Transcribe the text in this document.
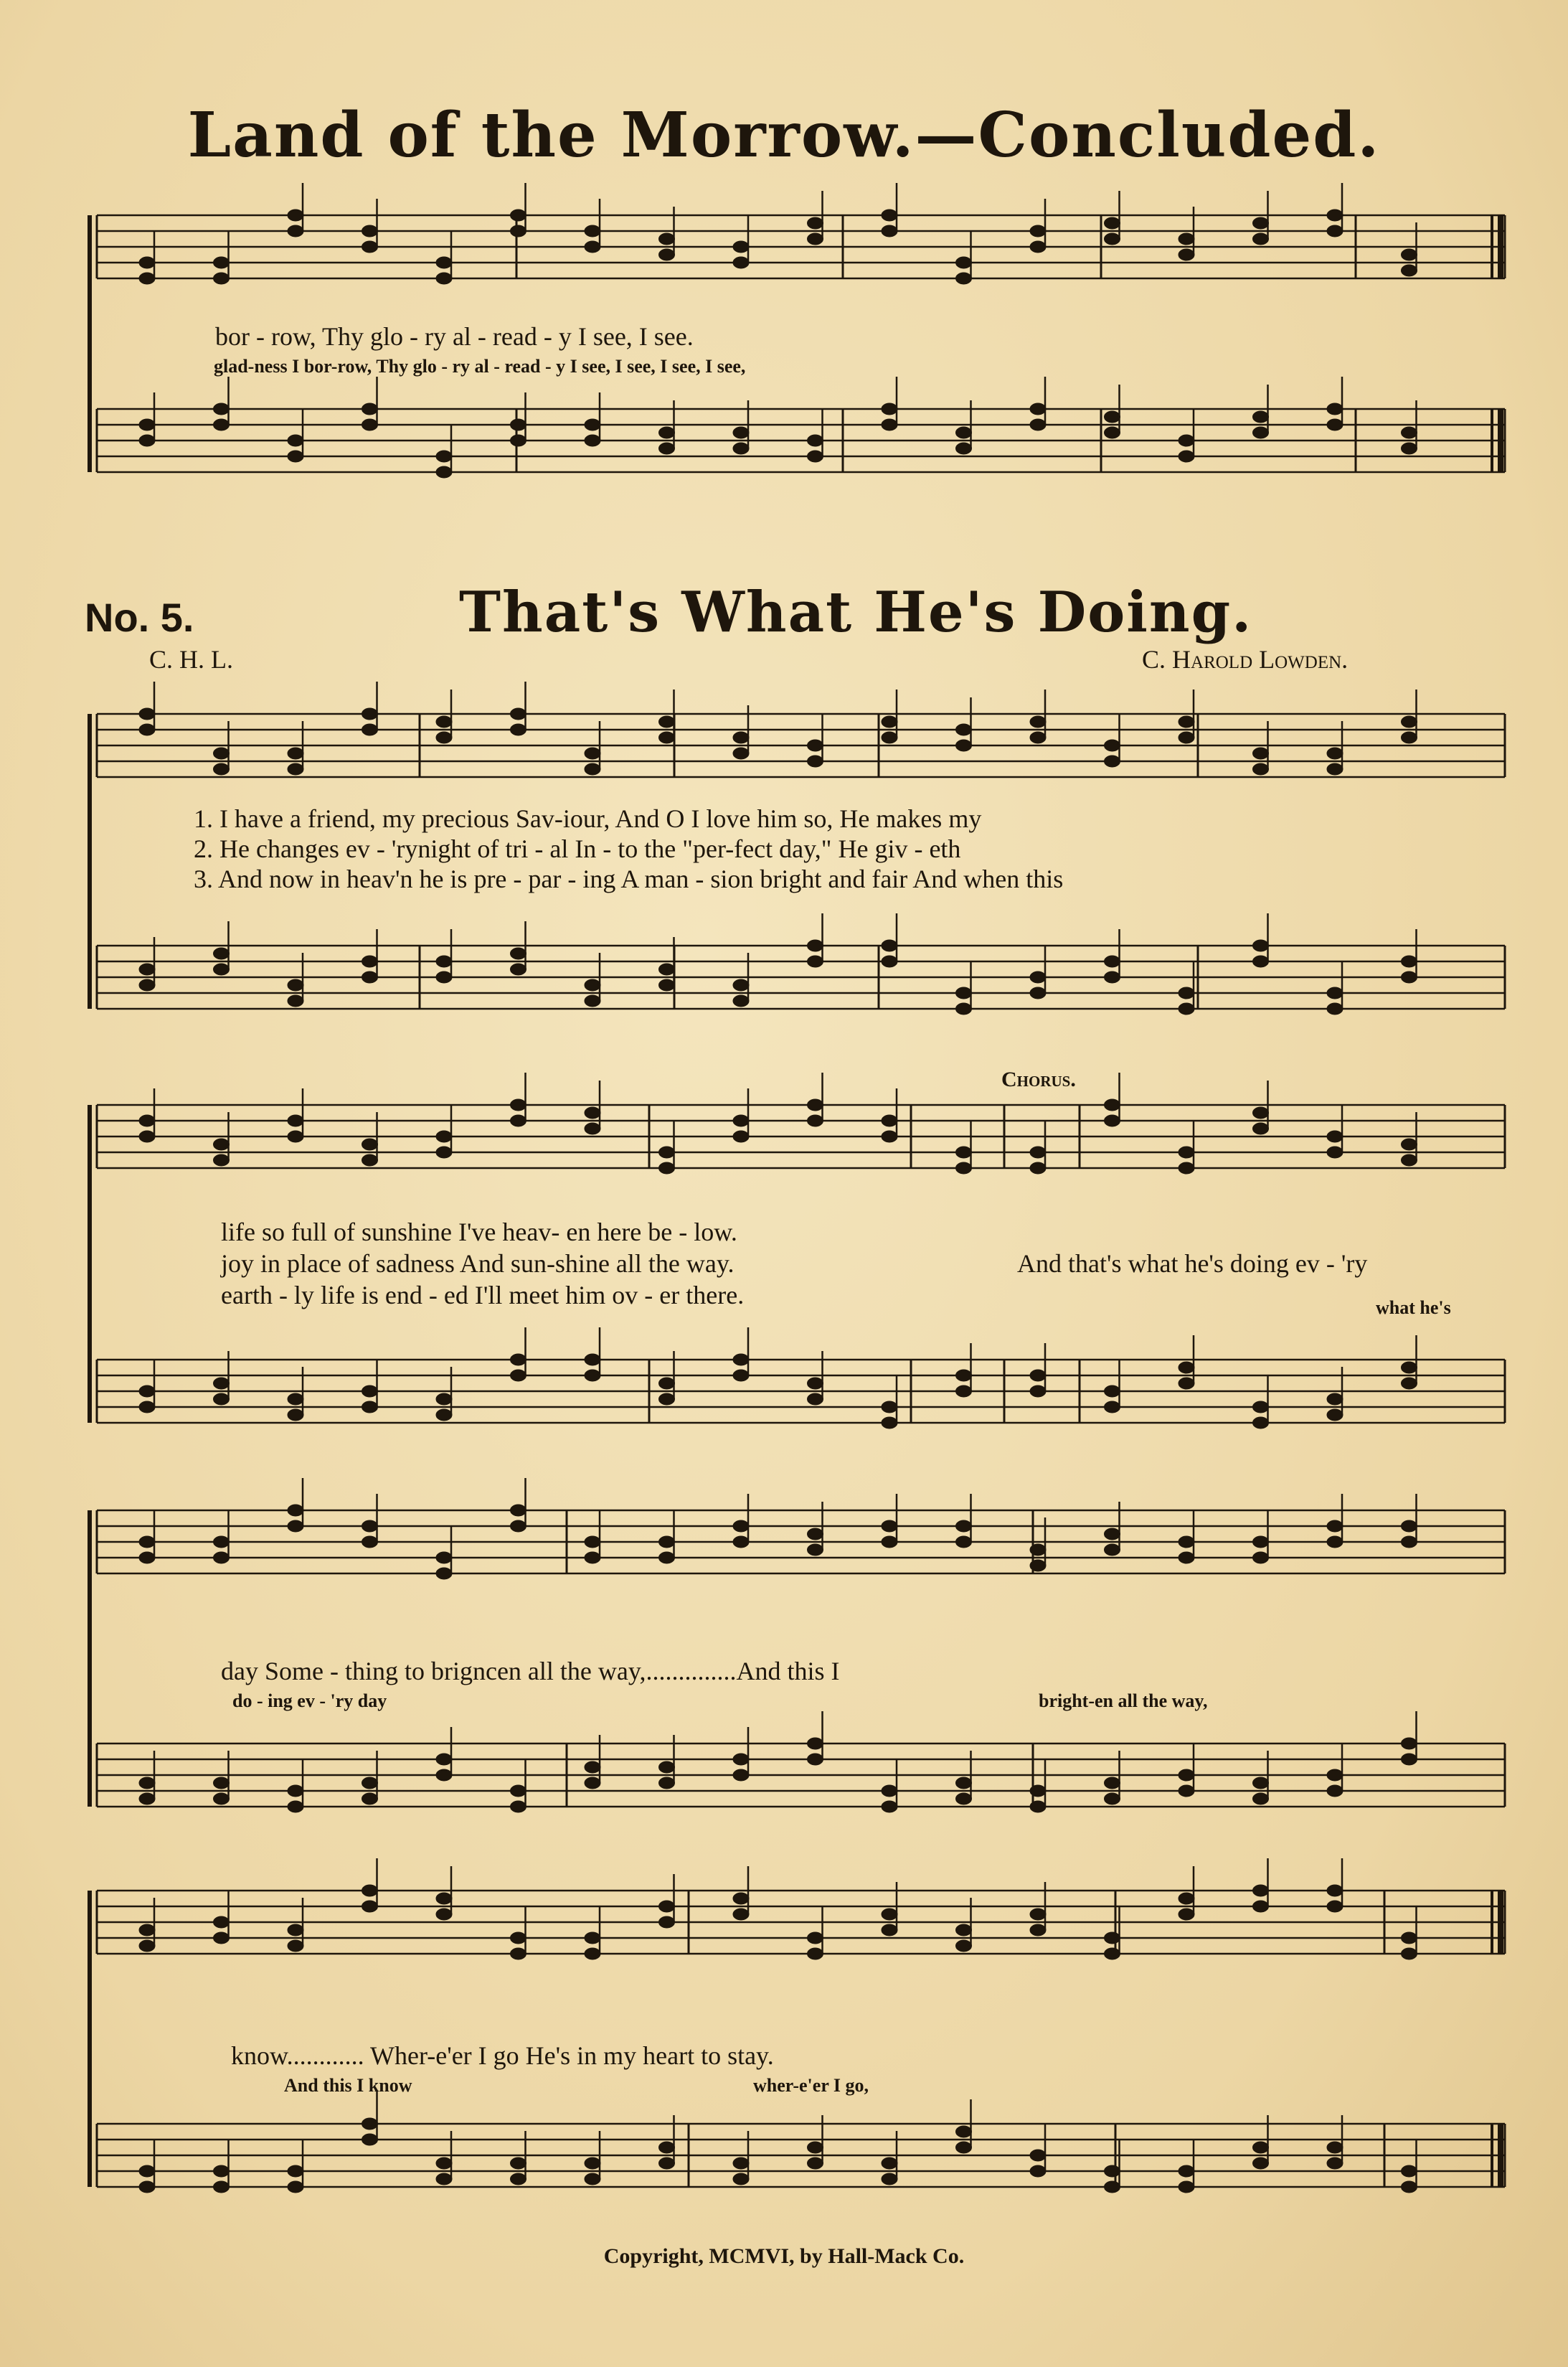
Land of the Morrow.—Concluded.
bor - row, Thy glo - ry al - read - y I see, I see.
glad-ness I bor-row, Thy glo - ry al - read - y I see, I see, I see, I see,
No. 5.	That's What He's Doing.
C. H. L.	C. Harold Lowden.
1. I have a friend, my precious Sav-iour, And O I love him so, He makes my
2. He changes ev - 'rynight of tri - al In - to the "per-fect day," He giv - eth
3. And now in heav'n he is pre - par - ing A man - sion bright and fair And when this
Chorus.
life so full of sunshine I've heav- en here be - low.
joy in place of sadness And sun-shine all the way.
earth - ly life is end - ed I'll meet him ov - er there.
And that's what he's doing ev - 'ry
what he's
day Some - thing to brigncen all the way,..............And this I
do - ing ev - 'ry day	bright-en all the way,
know............ Wher-e'er I go He's in my heart to stay.
And this I know	wher-e'er I go,
Copyright, MCMVI, by Hall-Mack Co.
